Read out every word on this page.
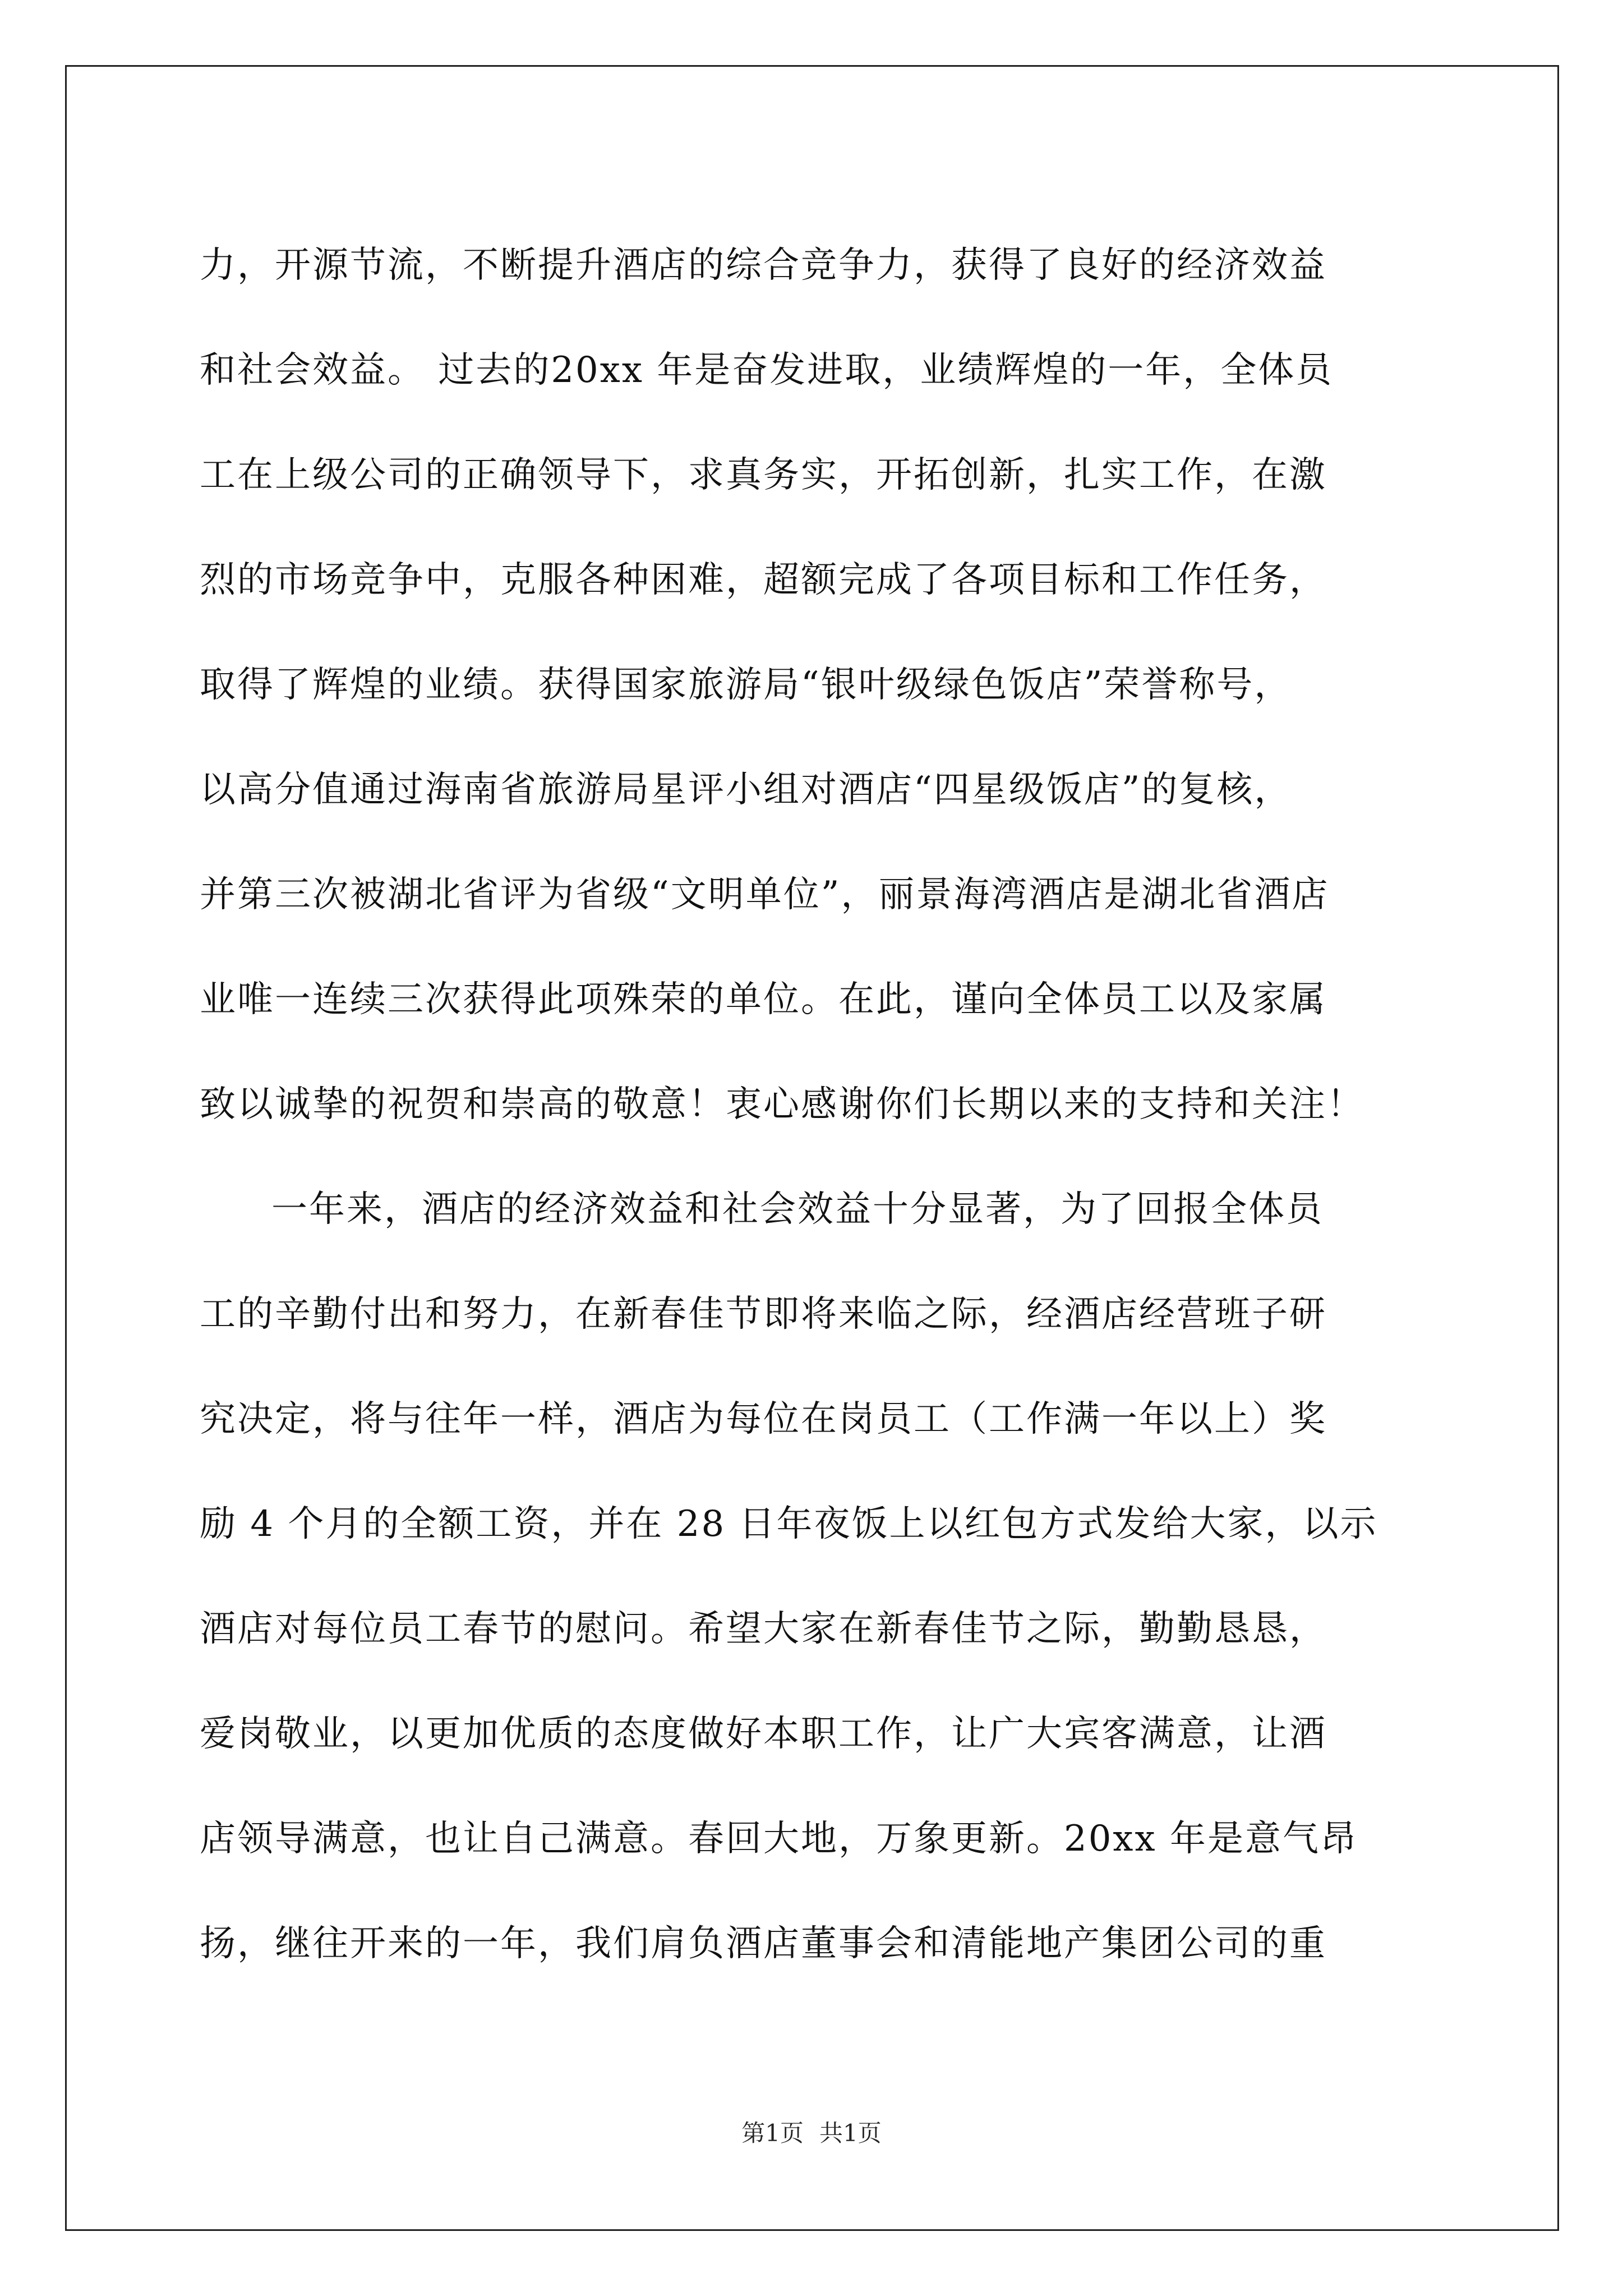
力，开源节流，不断提升酒店的综合竞争力，获得了良好的经济效益
和社会效益。 过去的20xx 年是奋发进取，业绩辉煌的一年，全体员
工在上级公司的正确领导下，求真务实，开拓创新，扎实工作，在激
烈的市场竞争中，克服各种困难，超额完成了各项目标和工作任务，
取得了辉煌的业绩。获得国家旅游局“银叶级绿色饭店”荣誉称号，
以高分值通过海南省旅游局星评小组对酒店“四星级饭店”的复核，
并第三次被湖北省评为省级“文明单位”，丽景海湾酒店是湖北省酒店
业唯一连续三次获得此项殊荣的单位。在此，谨向全体员工以及家属
致以诚挚的祝贺和崇高的敬意！衷心感谢你们长期以来的支持和关注！
一年来，酒店的经济效益和社会效益十分显著，为了回报全体员
工的辛勤付出和努力，在新春佳节即将来临之际，经酒店经营班子研
究决定，将与往年一样，酒店为每位在岗员工（工作满一年以上）奖
励 4 个月的全额工资，并在 28 日年夜饭上以红包方式发给大家，以示
酒店对每位员工春节的慰问。希望大家在新春佳节之际，勤勤恳恳，
爱岗敬业，以更加优质的态度做好本职工作，让广大宾客满意，让酒
店领导满意，也让自己满意。春回大地，万象更新。20xx 年是意气昂
扬，继往开来的一年，我们肩负酒店董事会和清能地产集团公司的重
第1页 共1页
